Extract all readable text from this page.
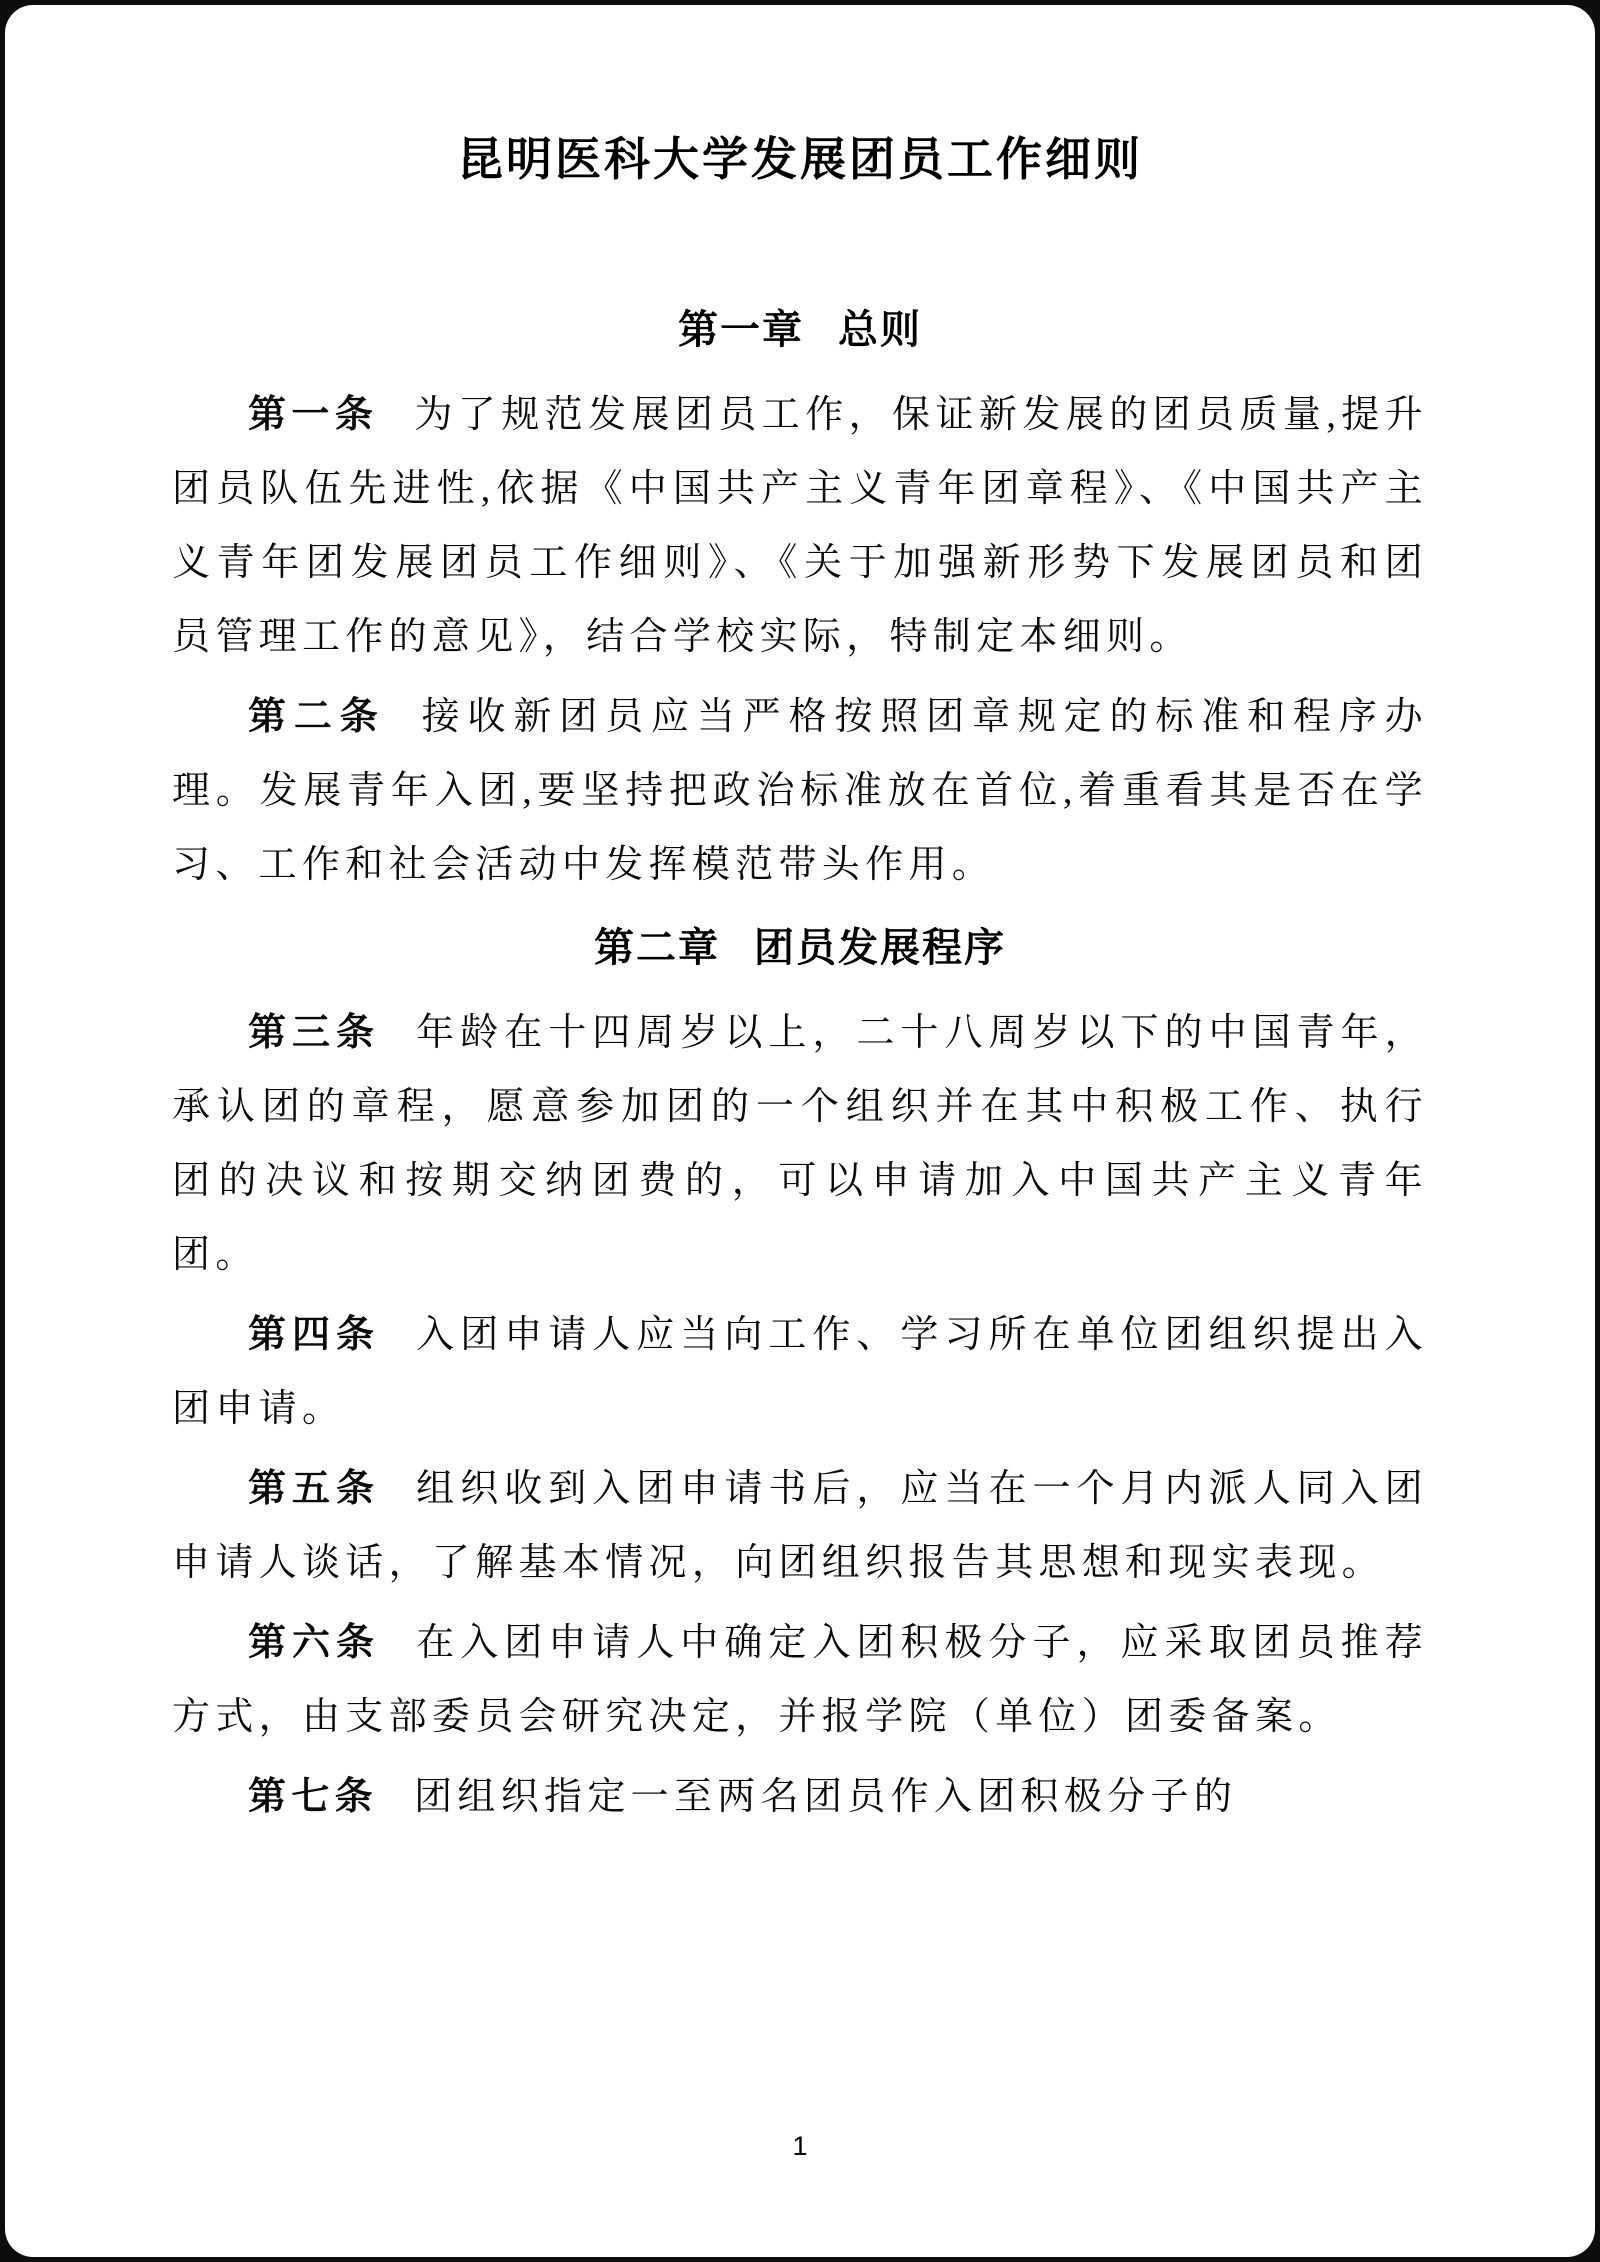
昆明医科大学发展团员工作细则
第一章 总则

第一条 为了规范发展团员工作，保证新发展的团员质量,提升团员队伍先进性,依据《中国共产主义青年团章程》、《中国共产主义青年团发展团员工作细则》、《关于加强新形势下发展团员和团员管理工作的意见》，结合学校实际，特制定本细则。

第二条 接收新团员应当严格按照团章规定的标准和程序办理。发展青年入团,要坚持把政治标准放在首位,着重看其是否在学习、工作和社会活动中发挥模范带头作用。

第二章 团员发展程序

第三条 年龄在十四周岁以上，二十八周岁以下的中国青年，承认团的章程，愿意参加团的一个组织并在其中积极工作、执行团的决议和按期交纳团费的，可以申请加入中国共产主义青年团。

第四条 入团申请人应当向工作、学习所在单位团组织提出入团申请。

第五条 组织收到入团申请书后，应当在一个月内派人同入团申请人谈话，了解基本情况，向团组织报告其思想和现实表现。

第六条 在入团申请人中确定入团积极分子，应采取团员推荐方式，由支部委员会研究决定，并报学院（单位）团委备案。

第七条 团组织指定一至两名团员作入团积极分子的

1
